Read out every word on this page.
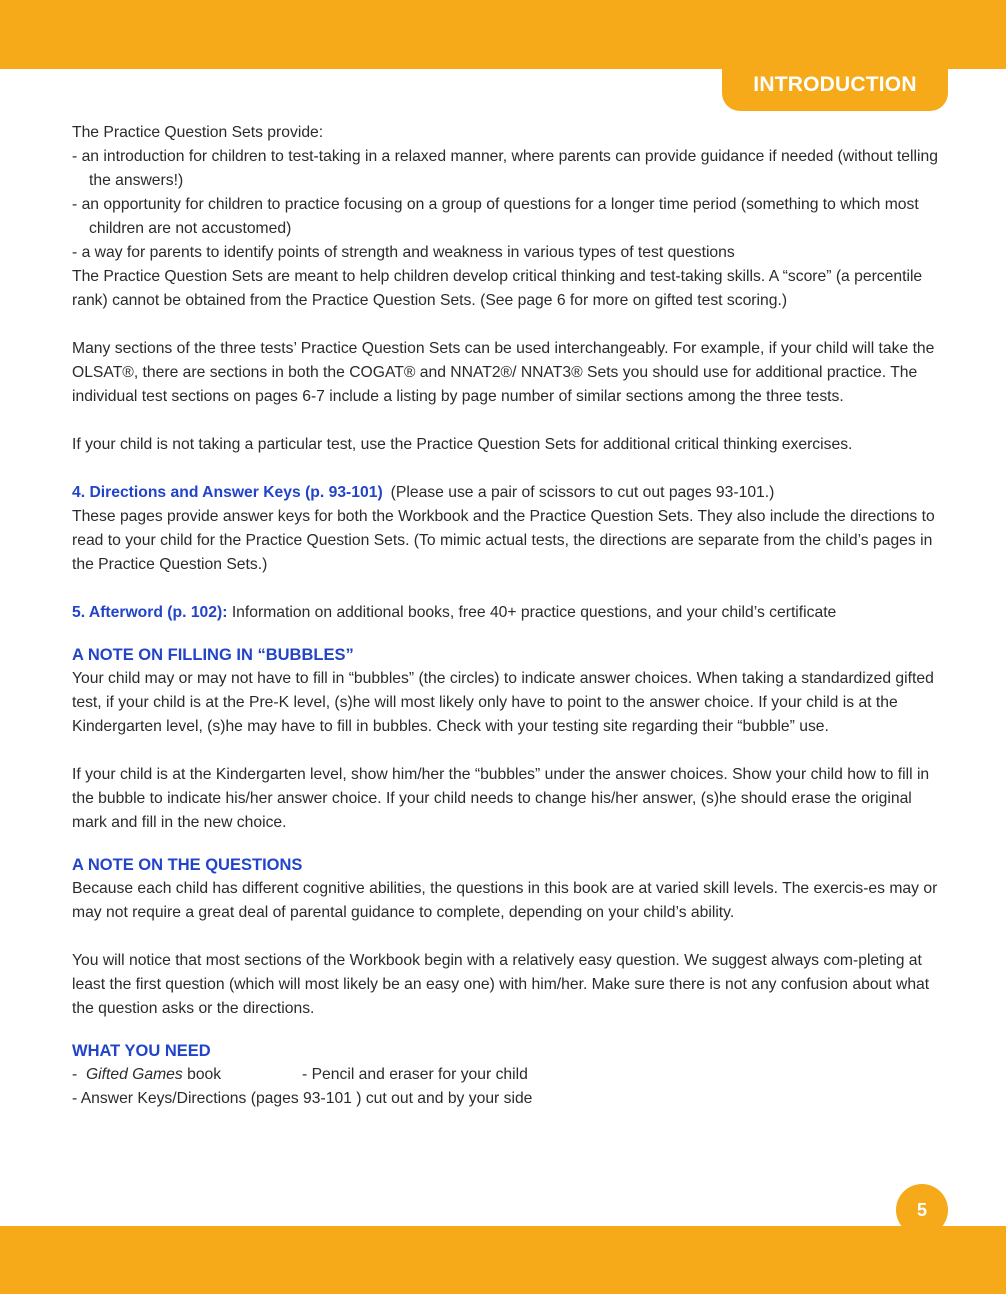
INTRODUCTION

The Practice Question Sets provide:

- an introduction for children to test-taking in a relaxed manner, where parents can provide guidance if needed (without telling the answers!)

- an opportunity for children to practice focusing on a group of questions for a longer time period (something to which most children are not accustomed)

- a way for parents to identify points of strength and weakness in various types of test questions

The Practice Question Sets are meant to help children develop critical thinking and test-taking skills. A “score” (a percentile rank) cannot be obtained from the Practice Question Sets. (See page 6 for more on gifted test scoring.)

Many sections of the three tests’ Practice Question Sets can be used interchangeably. For example, if your child will take the OLSAT®, there are sections in both the COGAT® and NNAT2®/ NNAT3® Sets you should use for additional practice. The individual test sections on pages 6-7 include a listing by page number of similar sections among the three tests.

If your child is not taking a particular test, use the Practice Question Sets for additional critical thinking exercises.

4. Directions and Answer Keys (p. 93-101) (Please use a pair of scissors to cut out pages 93-101.)

These pages provide answer keys for both the Workbook and the Practice Question Sets. They also include the directions to read to your child for the Practice Question Sets. (To mimic actual tests, the directions are separate from the child’s pages in the Practice Question Sets.)

5. Afterword (p. 102): Information on additional books, free 40+ practice questions, and your child’s certificate

A NOTE ON FILLING IN “BUBBLES”

Your child may or may not have to fill in “bubbles” (the circles) to indicate answer choices. When taking a standardized gifted test, if your child is at the Pre-K level, (s)he will most likely only have to point to the answer choice. If your child is at the Kindergarten level, (s)he may have to fill in bubbles. Check with your testing site regarding their “bubble” use.

If your child is at the Kindergarten level, show him/her the “bubbles” under the answer choices. Show your child how to fill in the bubble to indicate his/her answer choice. If your child needs to change his/her answer, (s)he should erase the original mark and fill in the new choice.

A NOTE ON THE QUESTIONS

Because each child has different cognitive abilities, the questions in this book are at varied skill levels. The exercis-es may or may not require a great deal of parental guidance to complete, depending on your child’s ability.

You will notice that most sections of the Workbook begin with a relatively easy question. We suggest always com-pleting at least the first question (which will most likely be an easy one) with him/her. Make sure there is not any confusion about what the question asks or the directions.

WHAT YOU NEED

- Gifted Games book	- Pencil and eraser for your child

- Answer Keys/Directions (pages 93-101 ) cut out and by your side

5
